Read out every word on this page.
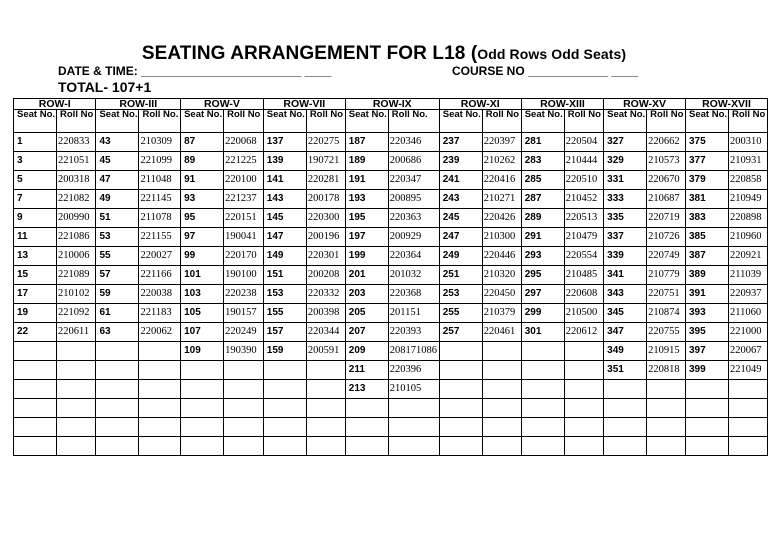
SEATING ARRANGEMENT FOR L18 (Odd Rows Odd Seats)
DATE & TIME: ________________________ ____	COURSE NO ____________ ____
TOTAL- 107+1
ROW-I		ROW-III		ROW-V		ROW-VII		ROW-IX		ROW-XI		ROW-XIII		ROW-XV		ROW-XVII	
Seat No.	Roll No	Seat No.	Roll No.	Seat No.	Roll No	Seat No.	Roll No	Seat No.	Roll No.	Seat No.	Roll No	Seat No.	Roll No	Seat No.	Roll No	Seat No.	Roll No
1	220833	43	210309	87	220068	137	220275	187	220346	237	220397	281	220504	327	220662	375	200310
3	221051	45	221099	89	221225	139	190721	189	200686	239	210262	283	210444	329	210573	377	210931
5	200318	47	211048	91	220100	141	220281	191	220347	241	220416	285	220510	331	220670	379	220858
7	221082	49	221145	93	221237	143	200178	193	200895	243	210271	287	210452	333	210687	381	210949
9	200990	51	211078	95	220151	145	220300	195	220363	245	220426	289	220513	335	220719	383	220898
11	221086	53	221155	97	190041	147	200196	197	200929	247	210300	291	210479	337	210726	385	210960
13	210006	55	220027	99	220170	149	220301	199	220364	249	220446	293	220554	339	220749	387	220921
15	221089	57	221166	101	190100	151	200208	201	201032	251	210320	295	210485	341	210779	389	211039
17	210102	59	220038	103	220238	153	220332	203	220368	253	220450	297	220608	343	220751	391	220937
19	221092	61	221183	105	190157	155	200398	205	201151	255	210379	299	210500	345	210874	393	211060
22	220611	63	220062	107	220249	157	220344	207	220393	257	220461	301	220612	347	220755	395	221000
				109	190390	159	200591	209	208171086					349	210915	397	220067
								211	220396					351	220818	399	221049
								213	210105								
